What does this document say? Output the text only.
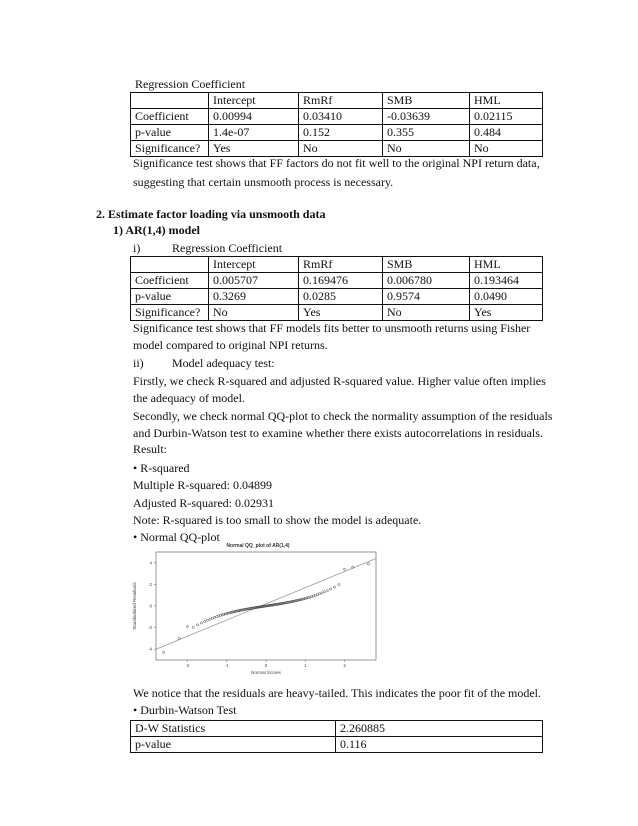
Regression Coefficient
	Intercept	RmRf	SMB	HML
Coefficient	0.00994	0.03410	-0.03639	0.02115
p-value	1.4e-07	0.152	0.355	0.484
Significance?	Yes	No	No	No
Significance test shows that FF factors do not fit well to the original NPI return data,
suggesting that certain unsmooth process is necessary.
2. Estimate factor loading via unsmooth data
1) AR(1,4) model
i)	Regression Coefficient
	Intercept	RmRf	SMB	HML
Coefficient	0.005707	0.169476	0.006780	0.193464
p-value	0.3269	0.0285	0.9574	0.0490
Significance?	No	Yes	No	Yes
Significance test shows that FF models fits better to unsmooth returns using Fisher
model compared to original NPI returns.
ii) Model adequacy test:
Firstly, we check R-squared and adjusted R-squared value. Higher value often implies
the adequacy of model.
Secondly, we check normal QQ-plot to check the normality assumption of the residuals
and Durbin-Watson test to examine whether there exists autocorrelations in residuals.
Result:
• R-squared
Multiple R-squared: 0.04899
Adjusted R-squared: 0.02931
Note: R-squared is too small to show the model is adequate.
• Normal QQ-plot
Normal QQ_plot of AR(1,4)
-4
-2
0
2
4
-2	-1	0	1	2
Standardized Residuals
Normal Scores
We notice that the residuals are heavy-tailed. This indicates the poor fit of the model.
• Durbin-Watson Test
D-W Statistics	2.260885
p-value	0.116
